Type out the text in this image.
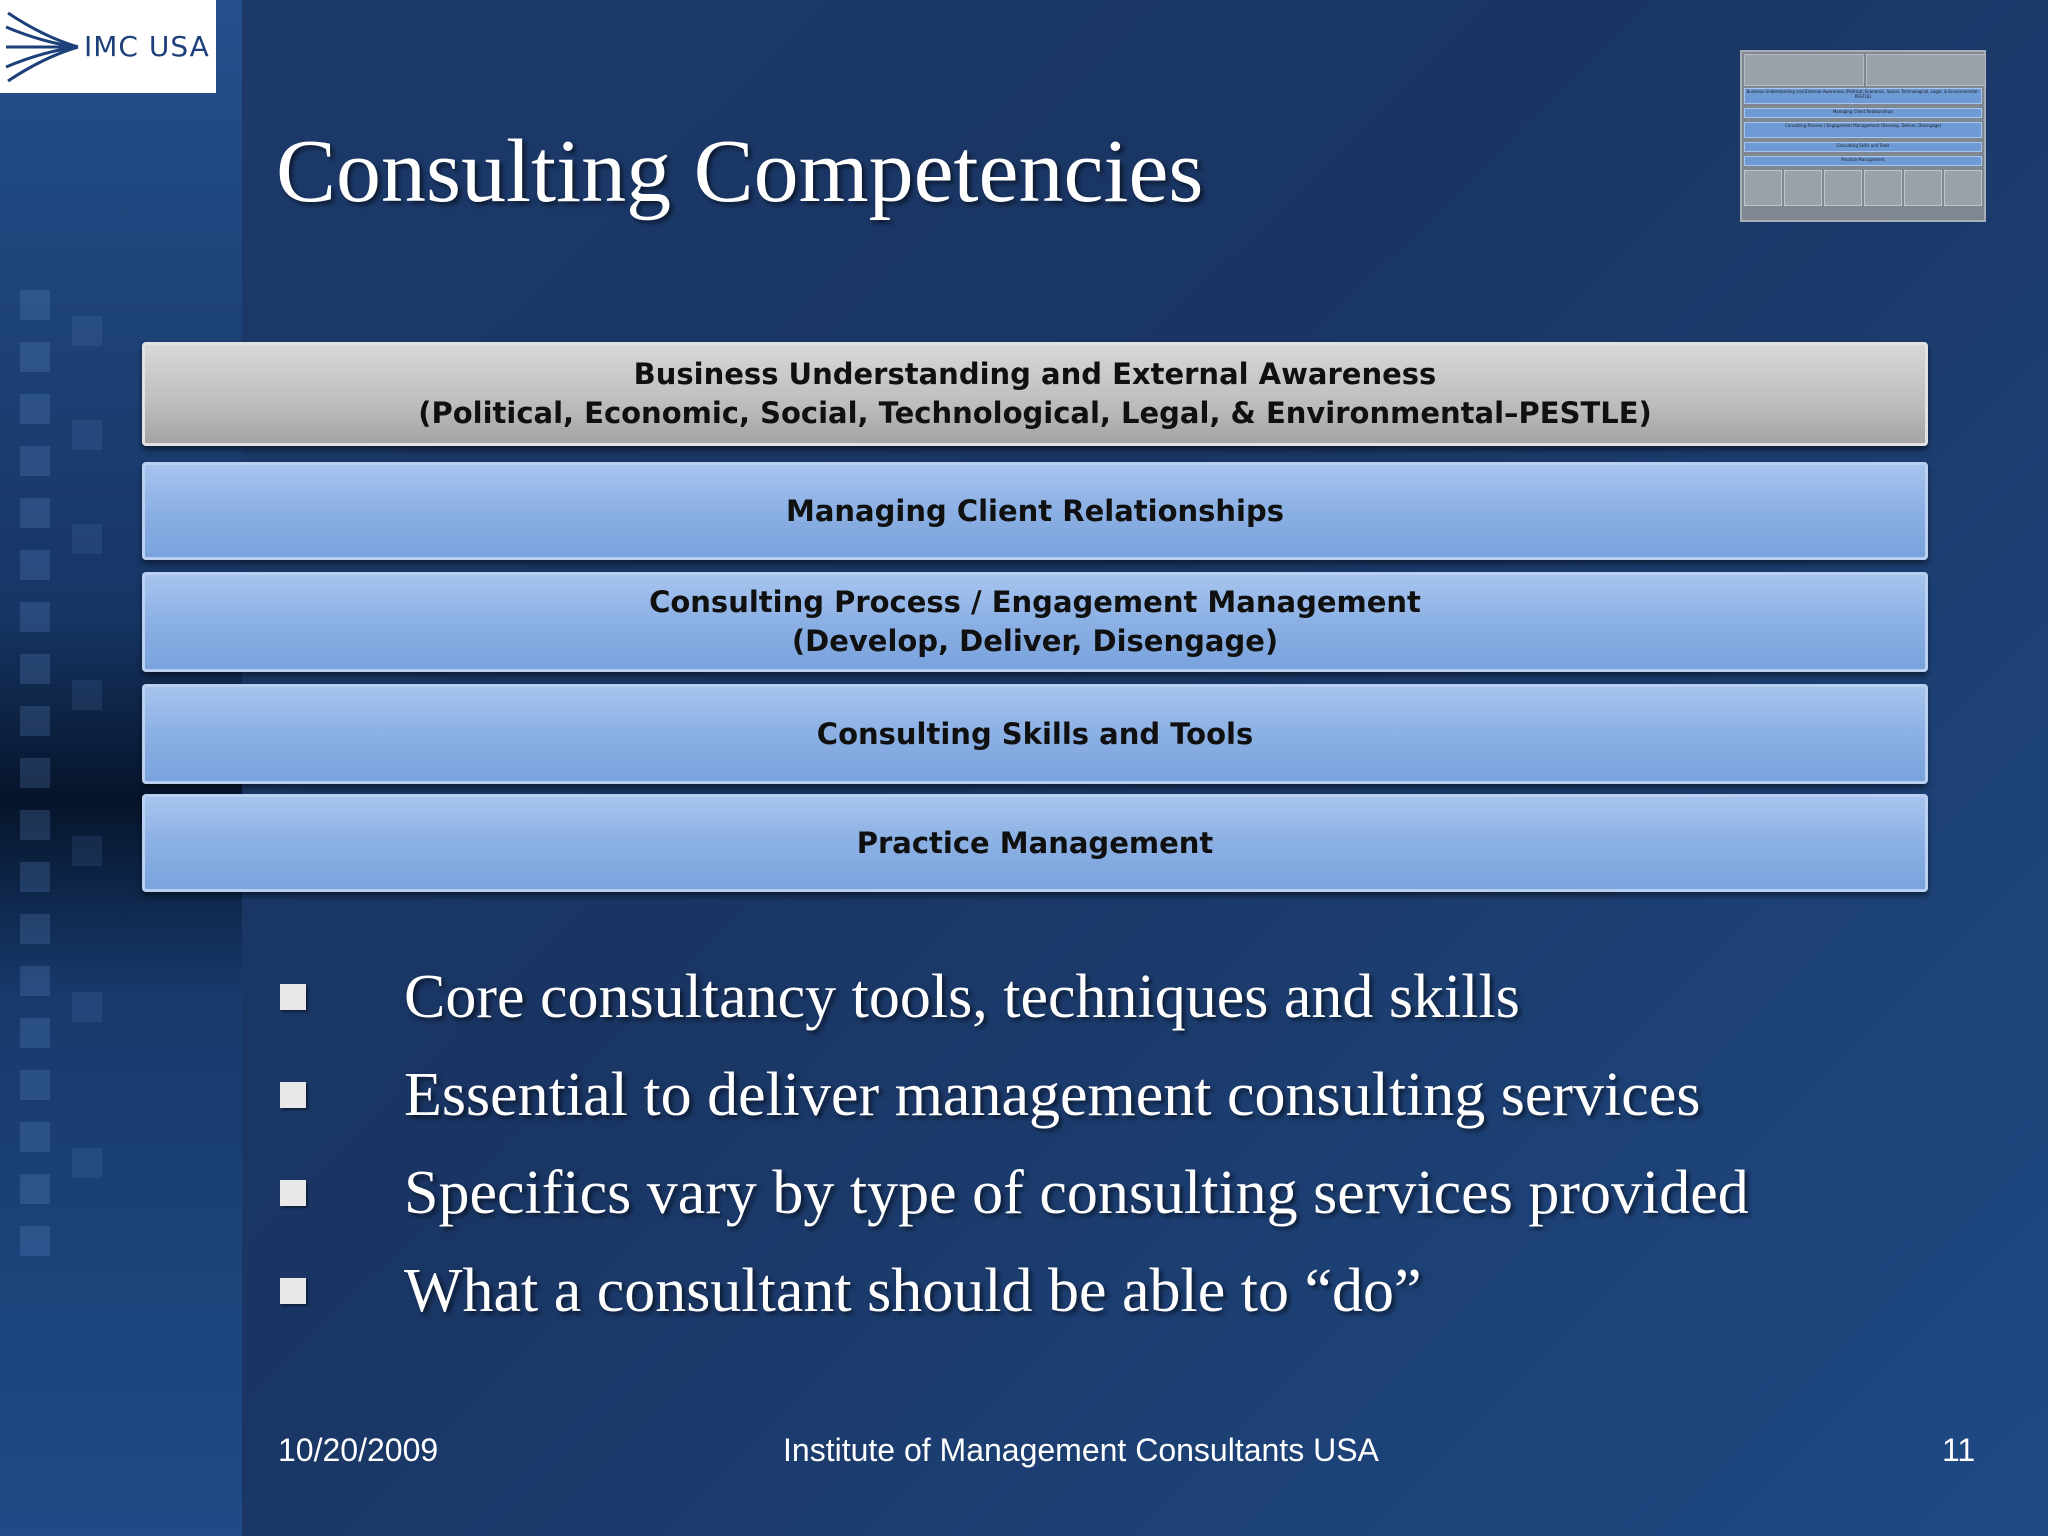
IMC USA
Consulting Competencies
Business Understanding and External Awareness (Political, Economic, Social, Technological, Legal, & Environmental–PESTLE)
Managing Client Relationships
Consulting Process / Engagement Management (Develop, Deliver, Disengage)
Consulting Skills and Tools
Practice Management
Business Understanding and External Awareness
(Political, Economic, Social, Technological, Legal, & Environmental–PESTLE)
Managing Client Relationships
Consulting Process / Engagement Management
(Develop, Deliver, Disengage)
Consulting Skills and Tools
Practice Management
Core consultancy tools, techniques and skills
Essential to deliver management consulting services
Specifics vary by type of consulting services provided
What a consultant should be able to “do”
10/20/2009	Institute of Management Consultants USA	11
